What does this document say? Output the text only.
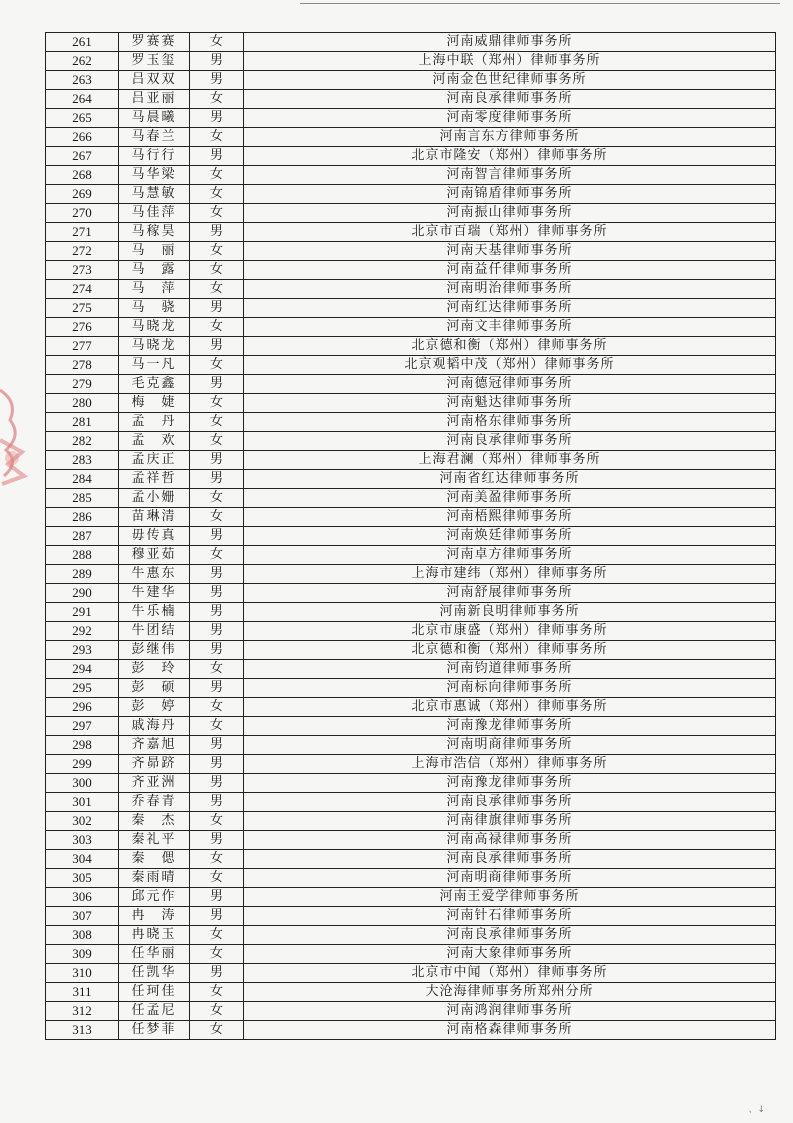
261	罗赛赛	女	河南威鼎律师事务所
262	罗玉玺	男	上海中联（郑州）律师事务所
263	吕双双	男	河南金色世纪律师事务所
264	吕亚丽	女	河南良承律师事务所
265	马晨曦	男	河南零度律师事务所
266	马春兰	女	河南言东方律师事务所
267	马行行	男	北京市隆安（郑州）律师事务所
268	马华梁	女	河南智言律师事务所
269	马慧敏	女	河南锦盾律师事务所
270	马佳萍	女	河南振山律师事务所
271	马稼昊	男	北京市百瑞（郑州）律师事务所
272	马　丽	女	河南天基律师事务所
273	马　露	女	河南益仟律师事务所
274	马　萍	女	河南明治律师事务所
275	马　骁	男	河南红达律师事务所
276	马晓龙	女	河南文丰律师事务所
277	马晓龙	男	北京德和衡（郑州）律师事务所
278	马一凡	女	北京观韬中茂（郑州）律师事务所
279	毛克鑫	男	河南德冠律师事务所
280	梅　婕	女	河南魁达律师事务所
281	孟　丹	女	河南格东律师事务所
282	孟　欢	女	河南良承律师事务所
283	孟庆正	男	上海君澜（郑州）律师事务所
284	孟祥哲	男	河南省红达律师事务所
285	孟小姗	女	河南美盈律师事务所
286	苗琳清	女	河南梧熙律师事务所
287	毋传真	男	河南焕廷律师事务所
288	穆亚茹	女	河南卓方律师事务所
289	牛惠东	男	上海市建纬（郑州）律师事务所
290	牛建华	男	河南舒展律师事务所
291	牛乐楠	男	河南新良明律师事务所
292	牛团结	男	北京市康盛（郑州）律师事务所
293	彭继伟	男	北京德和衡（郑州）律师事务所
294	彭　玲	女	河南钧道律师事务所
295	彭　硕	男	河南标向律师事务所
296	彭　婷	女	北京市惠诚（郑州）律师事务所
297	戚海丹	女	河南豫龙律师事务所
298	齐嘉旭	男	河南明商律师事务所
299	齐昴跻	男	上海市浩信（郑州）律师事务所
300	齐亚洲	男	河南豫龙律师事务所
301	乔春青	男	河南良承律师事务所
302	秦　杰	女	河南律旗律师事务所
303	秦礼平	男	河南高禄律师事务所
304	秦　偲	女	河南良承律师事务所
305	秦雨晴	女	河南明商律师事务所
306	邱元作	男	河南王爱学律师事务所
307	冉　涛	男	河南针石律师事务所
308	冉晓玉	女	河南良承律师事务所
309	任华丽	女	河南大象律师事务所
310	任凯华	男	北京市中闻（郑州）律师事务所
311	任珂佳	女	大沧海律师事务所郑州分所
312	任孟尼	女	河南鸿润律师事务所
313	任梦菲	女	河南格森律师事务所
、↓
